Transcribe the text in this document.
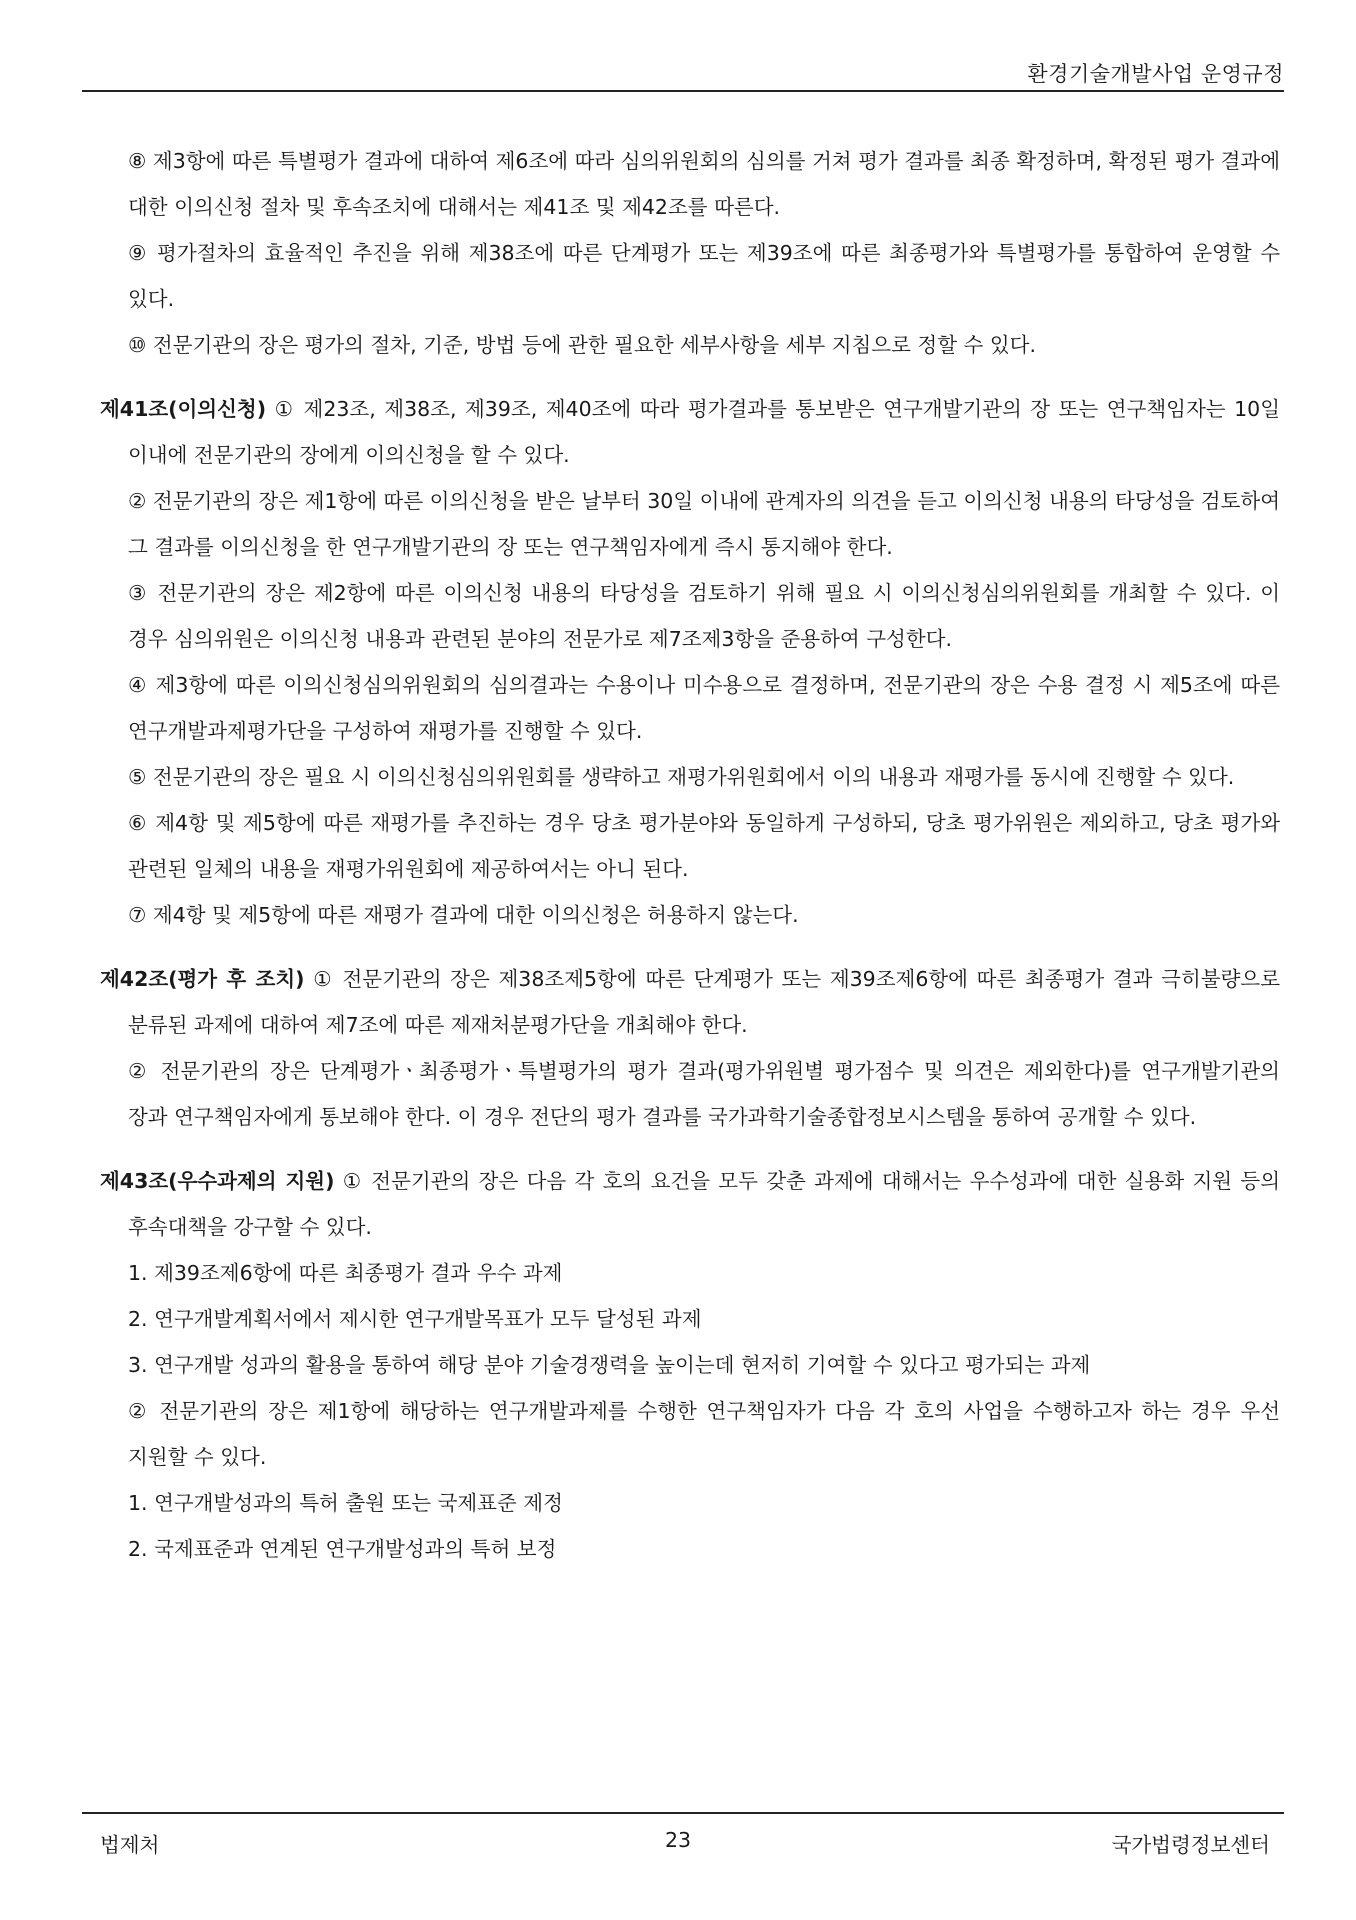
환경기술개발사업 운영규정
⑧ 제3항에 따른 특별평가 결과에 대하여 제6조에 따라 심의위원회의 심의를 거쳐 평가 결과를 최종 확정하며, 확정된 평가 결과에 대한 이의신청 절차 및 후속조치에 대해서는 제41조 및 제42조를 따른다.
⑨ 평가절차의 효율적인 추진을 위해 제38조에 따른 단계평가 또는 제39조에 따른 최종평가와 특별평가를 통합하여 운영할 수 있다.
⑩ 전문기관의 장은 평가의 절차, 기준, 방법 등에 관한 필요한 세부사항을 세부 지침으로 정할 수 있다.
제41조(이의신청) ① 제23조, 제38조, 제39조, 제40조에 따라 평가결과를 통보받은 연구개발기관의 장 또는 연구책임자는 10일 이내에 전문기관의 장에게 이의신청을 할 수 있다.
② 전문기관의 장은 제1항에 따른 이의신청을 받은 날부터 30일 이내에 관계자의 의견을 듣고 이의신청 내용의 타당성을 검토하여 그 결과를 이의신청을 한 연구개발기관의 장 또는 연구책임자에게 즉시 통지해야 한다.
③ 전문기관의 장은 제2항에 따른 이의신청 내용의 타당성을 검토하기 위해 필요 시 이의신청심의위원회를 개최할 수 있다. 이 경우 심의위원은 이의신청 내용과 관련된 분야의 전문가로 제7조제3항을 준용하여 구성한다.
④ 제3항에 따른 이의신청심의위원회의 심의결과는 수용이나 미수용으로 결정하며, 전문기관의 장은 수용 결정 시 제5조에 따른 연구개발과제평가단을 구성하여 재평가를 진행할 수 있다.
⑤ 전문기관의 장은 필요 시 이의신청심의위원회를 생략하고 재평가위원회에서 이의 내용과 재평가를 동시에 진행할 수 있다.
⑥ 제4항 및 제5항에 따른 재평가를 추진하는 경우 당초 평가분야와 동일하게 구성하되, 당초 평가위원은 제외하고, 당초 평가와 관련된 일체의 내용을 재평가위원회에 제공하여서는 아니 된다.
⑦ 제4항 및 제5항에 따른 재평가 결과에 대한 이의신청은 허용하지 않는다.
제42조(평가 후 조치) ① 전문기관의 장은 제38조제5항에 따른 단계평가 또는 제39조제6항에 따른 최종평가 결과 극히불량으로 분류된 과제에 대하여 제7조에 따른 제재처분평가단을 개최해야 한다.
② 전문기관의 장은 단계평가ㆍ최종평가ㆍ특별평가의 평가 결과(평가위원별 평가점수 및 의견은 제외한다)를 연구개발기관의 장과 연구책임자에게 통보해야 한다. 이 경우 전단의 평가 결과를 국가과학기술종합정보시스템을 통하여 공개할 수 있다.
제43조(우수과제의 지원) ① 전문기관의 장은 다음 각 호의 요건을 모두 갖춘 과제에 대해서는 우수성과에 대한 실용화 지원 등의 후속대책을 강구할 수 있다.
1. 제39조제6항에 따른 최종평가 결과 우수 과제
2. 연구개발계획서에서 제시한 연구개발목표가 모두 달성된 과제
3. 연구개발 성과의 활용을 통하여 해당 분야 기술경쟁력을 높이는데 현저히 기여할 수 있다고 평가되는 과제
② 전문기관의 장은 제1항에 해당하는 연구개발과제를 수행한 연구책임자가 다음 각 호의 사업을 수행하고자 하는 경우 우선 지원할 수 있다.
1. 연구개발성과의 특허 출원 또는 국제표준 제정
2. 국제표준과 연계된 연구개발성과의 특허 보정
법제처	23	국가법령정보센터
